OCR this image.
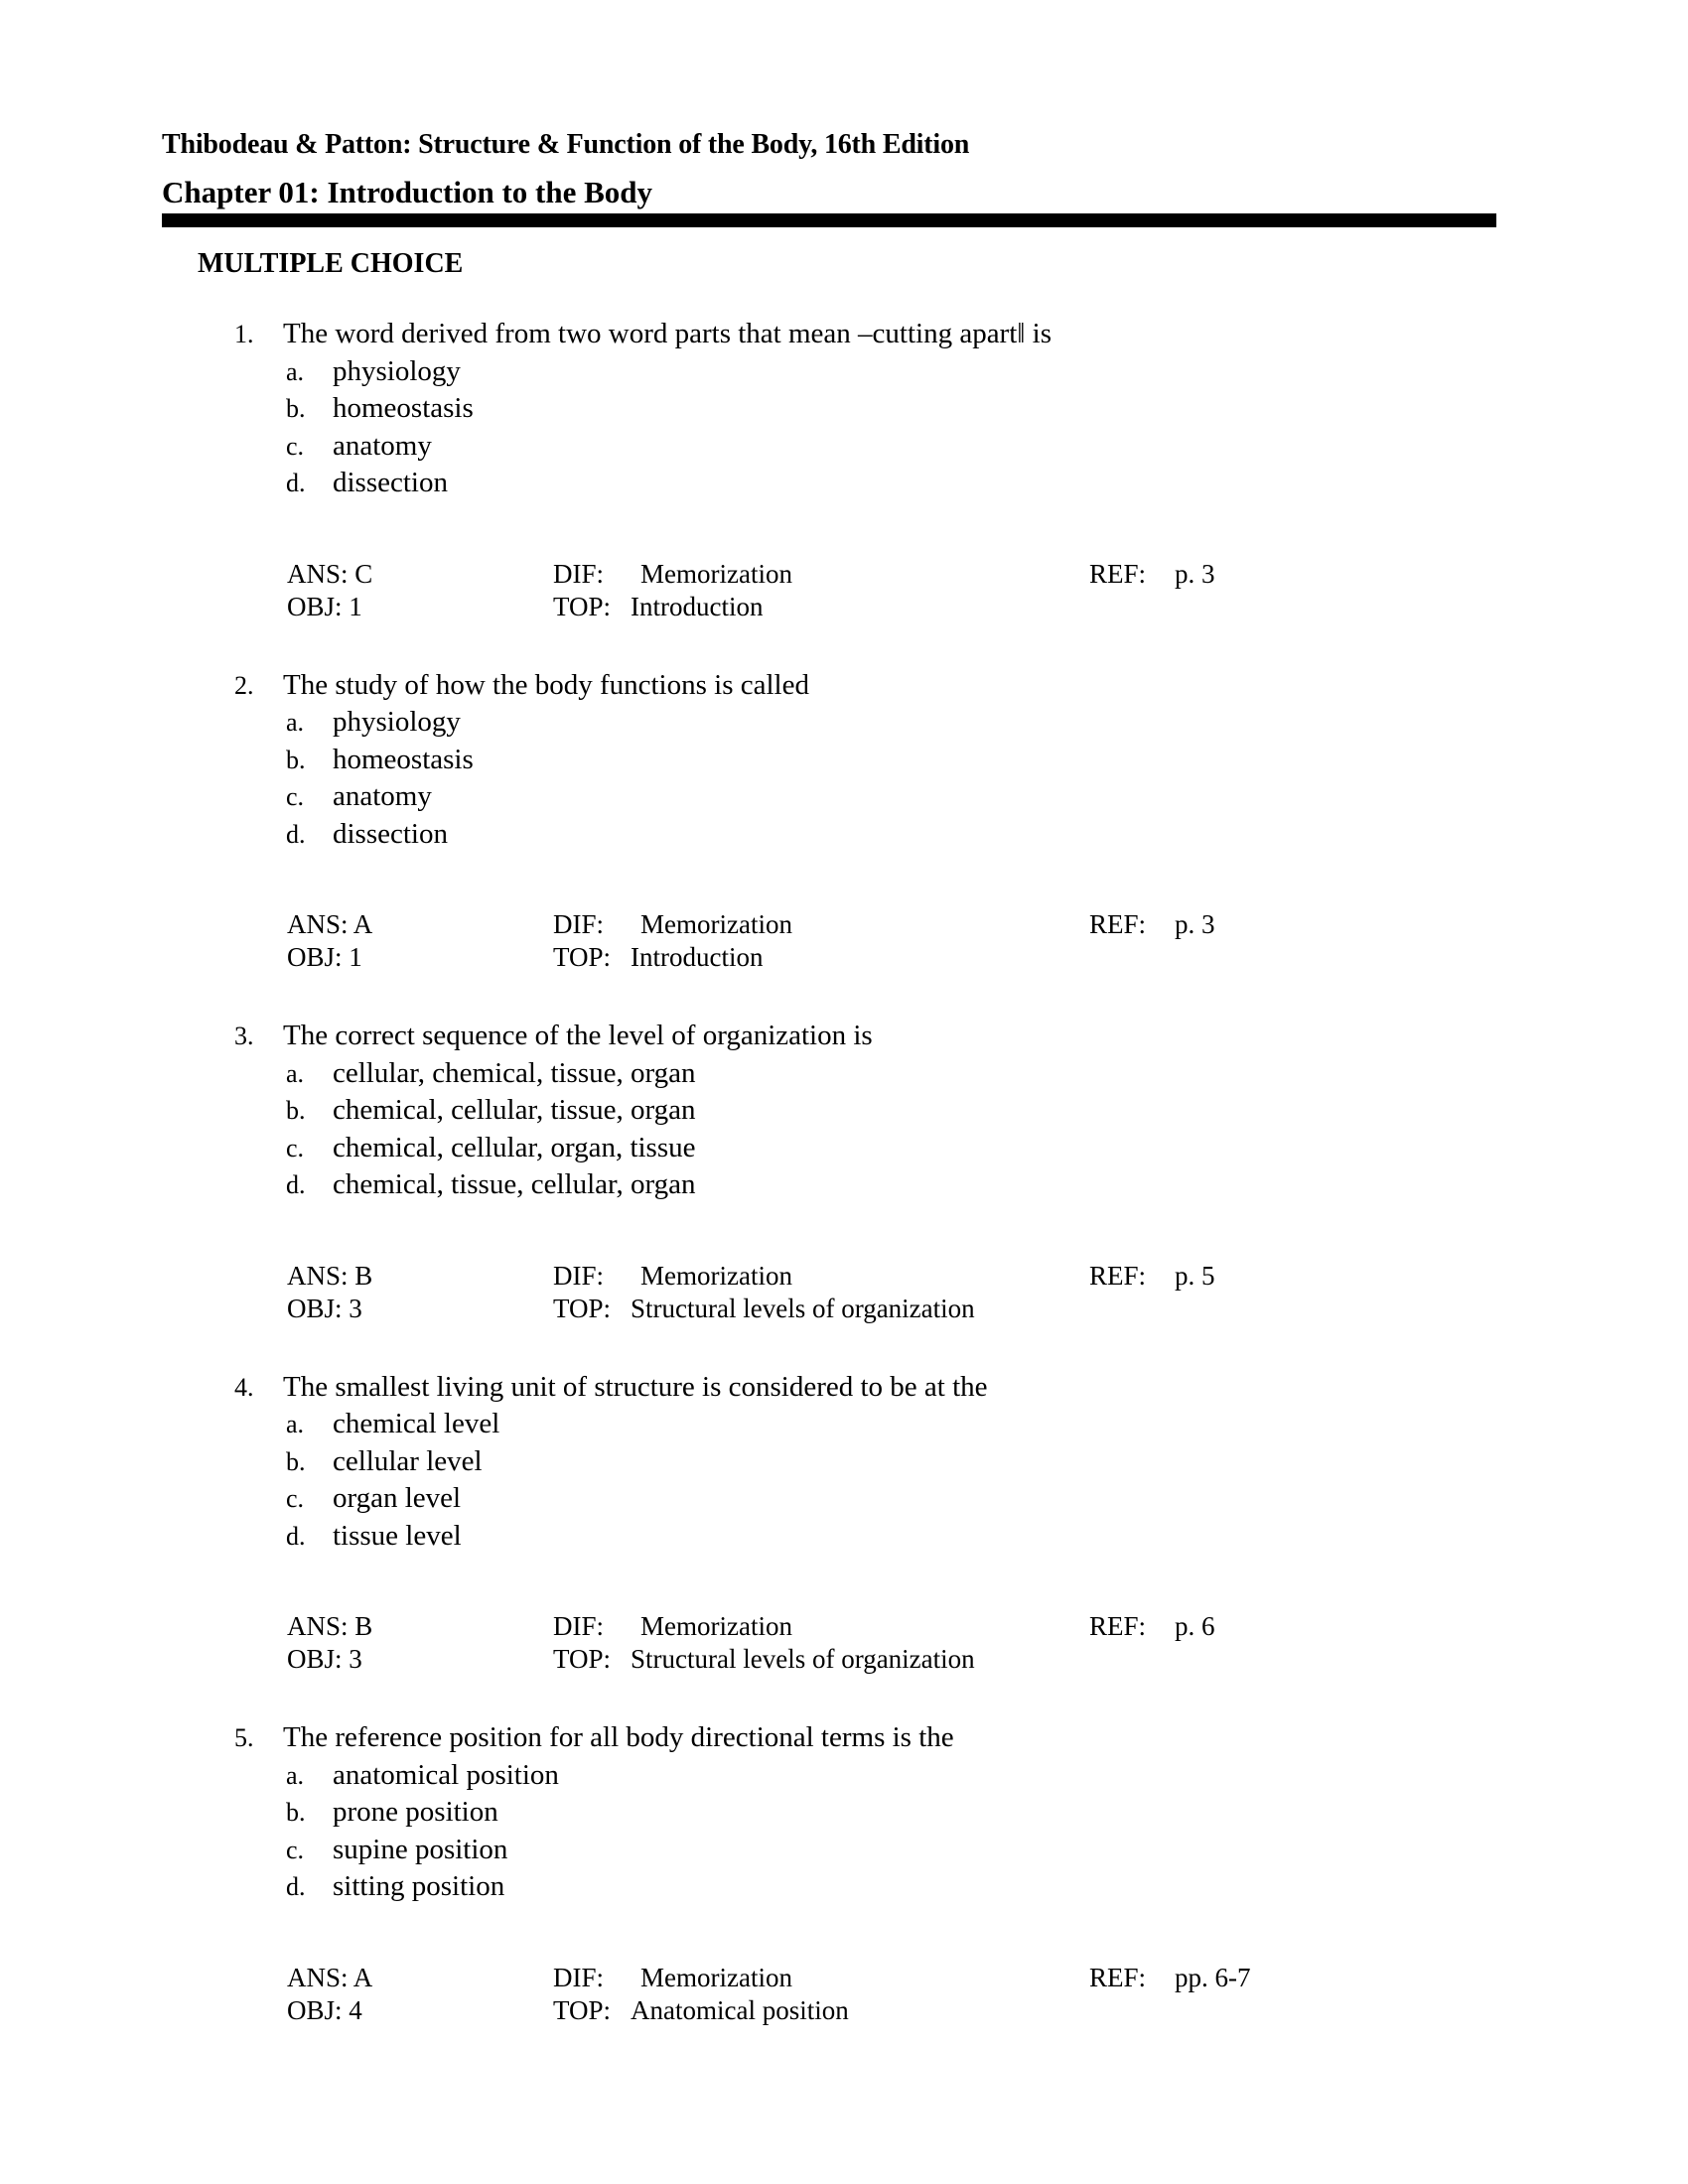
Thibodeau & Patton: Structure & Function of the Body, 16th Edition
Chapter 01: Introduction to the Body
MULTIPLE CHOICE
1. The word derived from two word parts that mean –cutting apart‖ is
a. physiology
b. homeostasis
c. anatomy
d. dissection
ANS: C	DIF: Memorization	REF: p. 3
OBJ: 1	TOP: Introduction
2. The study of how the body functions is called
a. physiology
b. homeostasis
c. anatomy
d. dissection
ANS: A	DIF: Memorization	REF: p. 3
OBJ: 1	TOP: Introduction
3. The correct sequence of the level of organization is
a. cellular, chemical, tissue, organ
b. chemical, cellular, tissue, organ
c. chemical, cellular, organ, tissue
d. chemical, tissue, cellular, organ
ANS: B	DIF: Memorization	REF: p. 5
OBJ: 3	TOP: Structural levels of organization
4. The smallest living unit of structure is considered to be at the
a. chemical level
b. cellular level
c. organ level
d. tissue level
ANS: B	DIF: Memorization	REF: p. 6
OBJ: 3	TOP: Structural levels of organization
5. The reference position for all body directional terms is the
a. anatomical position
b. prone position
c. supine position
d. sitting position
ANS: A	DIF: Memorization	REF: pp. 6-7
OBJ: 4	TOP: Anatomical position
